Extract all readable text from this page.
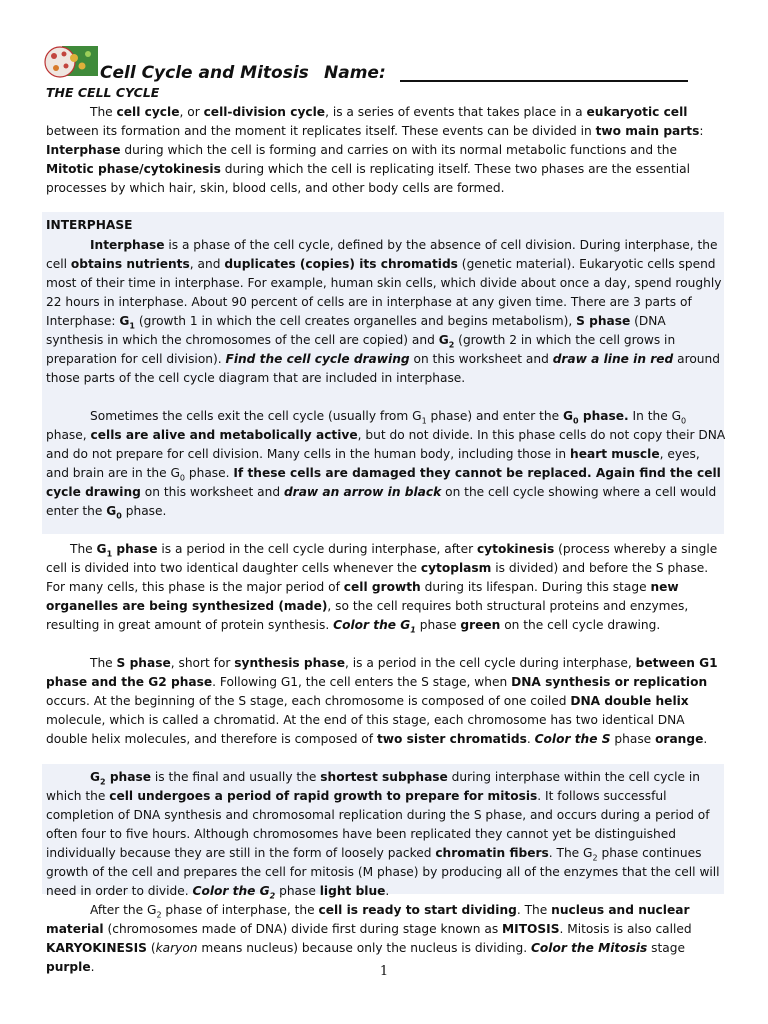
Cell Cycle and Mitosis Name:
THE CELL CYCLE

The cell cycle, or cell-division cycle, is a series of events that takes place in a eukaryotic cell between its formation and the moment it replicates itself. These events can be divided in two main parts: Interphase during which the cell is forming and carries on with its normal metabolic functions and the Mitotic phase/cytokinesis during which the cell is replicating itself. These two phases are the essential processes by which hair, skin, blood cells, and other body cells are formed.

INTERPHASE

Interphase is a phase of the cell cycle, defined by the absence of cell division. During interphase, the cell obtains nutrients, and duplicates (copies) its chromatids (genetic material). Eukaryotic cells spend most of their time in interphase. For example, human skin cells, which divide about once a day, spend roughly 22 hours in interphase. About 90 percent of cells are in interphase at any given time. There are 3 parts of Interphase: $G_1$ (growth 1 in which the cell creates organelles and begins metabolism), S phase (DNA synthesis in which the chromosomes of the cell are copied) and $G_2$ (growth 2 in which the cell grows in preparation for cell division). Find the cell cycle drawing on this worksheet and draw a line in red around those parts of the cell cycle diagram that are included in interphase.

Sometimes the cells exit the cell cycle (usually from $G_1$ phase) and enter the $G_0$ phase. In the $G_0$ phase, cells are alive and metabolically active, but do not divide. In this phase cells do not copy their DNA and do not prepare for cell division. Many cells in the human body, including those in heart muscle, eyes, and brain are in the $G_0$ phase. If these cells are damaged they cannot be replaced. Again find the cell cycle drawing on this worksheet and draw an arrow in black on the cell cycle showing where a cell would enter the $G_0$ phase.

The $G_1$ phase is a period in the cell cycle during interphase, after cytokinesis (process whereby a single cell is divided into two identical daughter cells whenever the cytoplasm is divided) and before the S phase. For many cells, this phase is the major period of cell growth during its lifespan. During this stage new organelles are being synthesized (made), so the cell requires both structural proteins and enzymes, resulting in great amount of protein synthesis. Color the $G_1$ phase green on the cell cycle drawing.

The S phase, short for synthesis phase, is a period in the cell cycle during interphase, between G1 phase and the G2 phase. Following G1, the cell enters the S stage, when DNA synthesis or replication occurs. At the beginning of the S stage, each chromosome is composed of one coiled DNA double helix molecule, which is called a chromatid. At the end of this stage, each chromosome has two identical DNA double helix molecules, and therefore is composed of two sister chromatids. Color the S phase orange.

$G_2$ phase is the final and usually the shortest subphase during interphase within the cell cycle in which the cell undergoes a period of rapid growth to prepare for mitosis. It follows successful completion of DNA synthesis and chromosomal replication during the S phase, and occurs during a period of often four to five hours. Although chromosomes have been replicated they cannot yet be distinguished individually because they are still in the form of loosely packed chromatin fibers. The $G_2$ phase continues growth of the cell and prepares the cell for mitosis (M phase) by producing all of the enzymes that the cell will need in order to divide. Color the $G_2$ phase light blue.

After the $G_2$ phase of interphase, the cell is ready to start dividing. The nucleus and nuclear material (chromosomes made of DNA) divide first during stage known as MITOSIS. Mitosis is also called KARYOKINESIS (karyon means nucleus) because only the nucleus is dividing. Color the Mitosis stage purple.	1
